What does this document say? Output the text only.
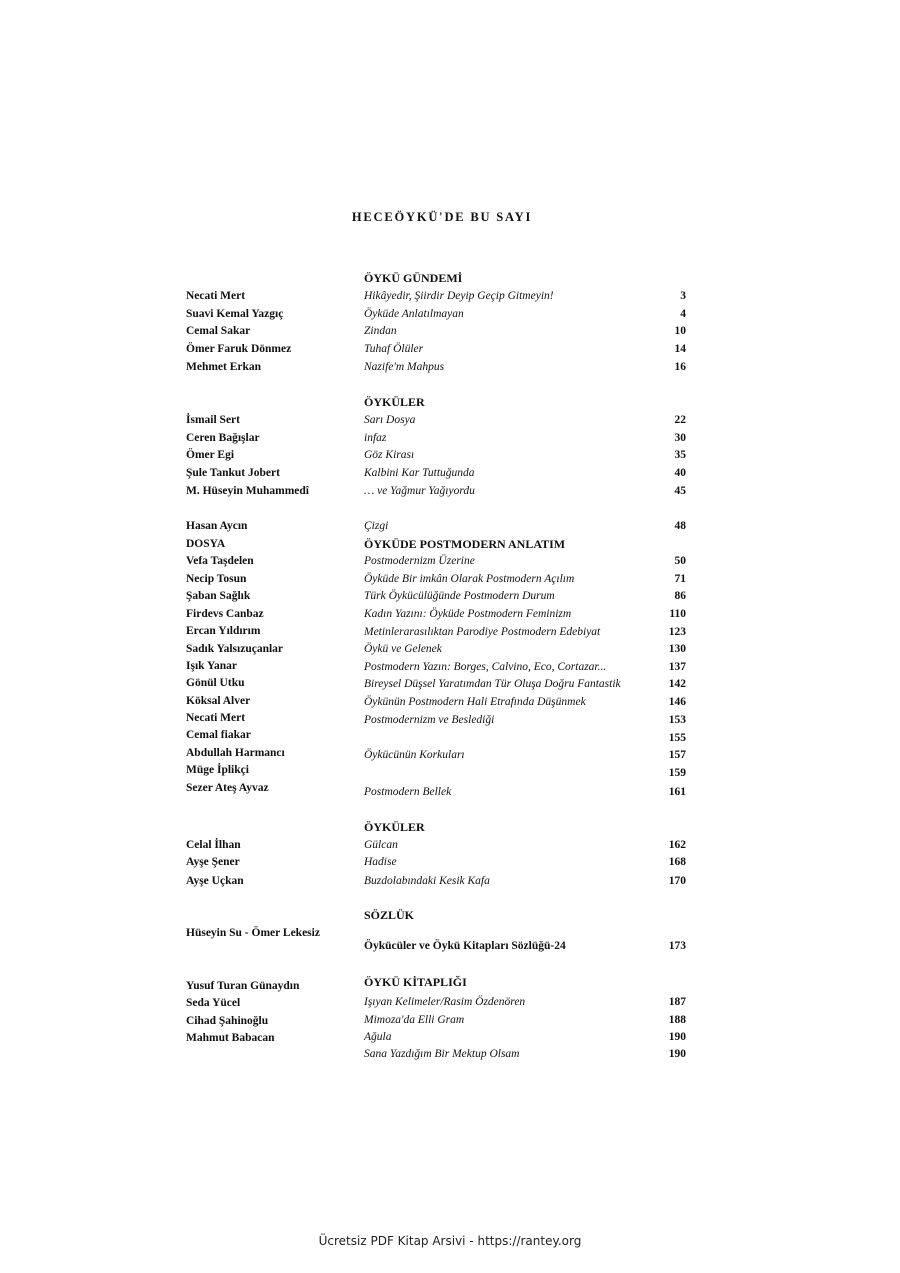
HECEÖYKÜ'DE BU SAYI
ÖYKÜ GÜNDEMİ
ÖYKÜLER
ÖYKÜDE POSTMODERN ANLATIM
ÖYKÜLER
SÖZLÜK
ÖYKÜ KİTAPLIĞI
Necati Mert
Suavi Kemal Yazgıç
Cemal Sakar
Ömer Faruk Dönmez
Mehmet Erkan
İsmail Sert
Ceren Bağışlar
Ömer Egi
Şule Tankut Jobert
M. Hüseyin Muhammedî
Hasan Aycın
DOSYA
Vefa Taşdelen
Necip Tosun
Şaban Sağlık
Firdevs Canbaz
Ercan Yıldırım
Sadık Yalsızuçanlar
Işık Yanar
Gönül Utku
Köksal Alver
Necati Mert
Cemal fiakar
Abdullah Harmancı
Müge İplikçi
Sezer Ateş Ayvaz
Celal İlhan
Ayşe Şener
Ayşe Uçkan
Hüseyin Su - Ömer Lekesiz
Yusuf Turan Günaydın
Seda Yücel
Cihad Şahinoğlu
Mahmut Babacan
Hikâyedir, Şiirdir Deyip Geçip Gitmeyin!
Öyküde Anlatılmayan
Zindan
Tuhaf Ölüler
Nazife'm Mahpus
Sarı Dosya
infaz
Göz Kirası
Kalbini Kar Tuttuğunda
… ve Yağmur Yağıyordu
Çizgi
Postmodernizm Üzerine
Öyküde Bir imkân Olarak Postmodern Açılım
Türk Öykücülüğünde Postmodern Durum
Kadın Yazını: Öyküde Postmodern Feminizm
Metinlerarasılıktan Parodiye Postmodern Edebiyat
Öykü ve Gelenek
Postmodern Yazın: Borges, Calvino, Eco, Cortazar...
Bireysel Düşsel Yaratımdan Tür Oluşa Doğru Fantastik
Öykünün Postmodern Hali Etrafında Düşünmek
Postmodernizm ve Beslediği
Öykücünün Korkuları
Postmodern Bellek
Gülcan
Hadise
Buzdolabındaki Kesik Kafa
Öykücüler ve Öykü Kitapları Sözlüğü-24
Işıyan Kelimeler/Rasim Özdenören
Mimoza'da Elli Gram
Ağula
Sana Yazdığım Bir Mektup Olsam
3
4
10
14
16
22
30
35
40
45
48
50
71
86
110
123
130
137
142
146
153
155
157
159
161
162
168
170
173
187
188
190
190
Ücretsiz PDF Kitap Arsivi - https://rantey.org
